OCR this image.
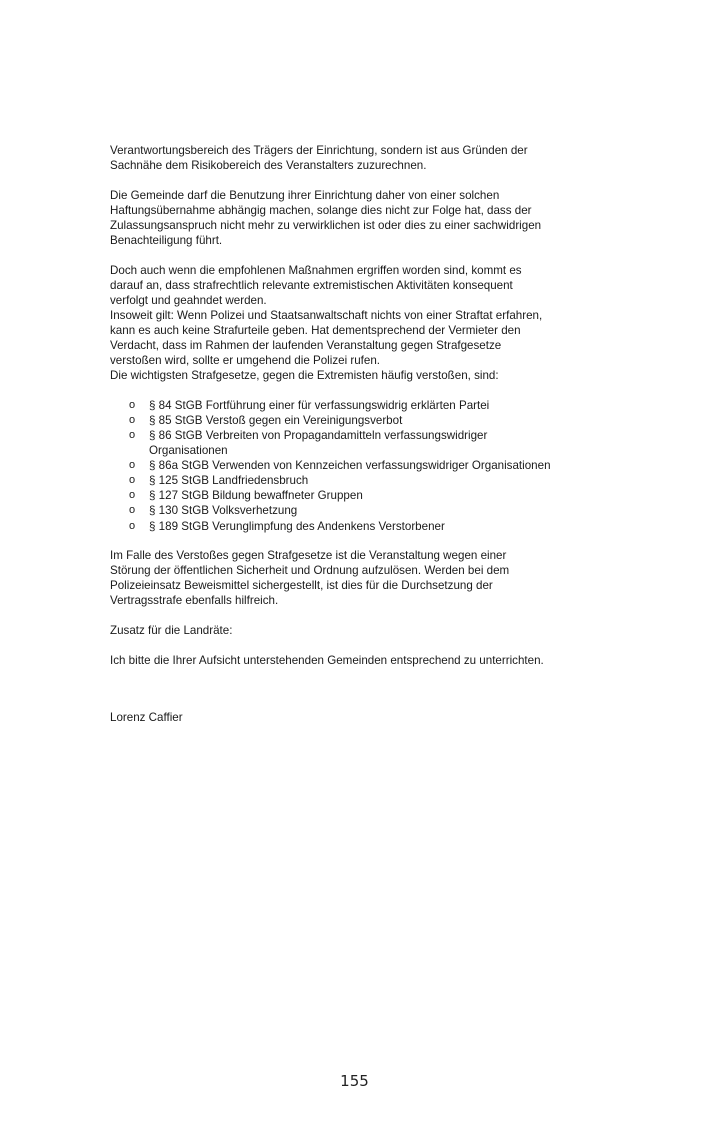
Verantwortungsbereich des Trägers der Einrichtung, sondern ist aus Gründen der
Sachnähe dem Risikobereich des Veranstalters zuzurechnen.

Die Gemeinde darf die Benutzung ihrer Einrichtung daher von einer solchen
Haftungsübernahme abhängig machen, solange dies nicht zur Folge hat, dass der
Zulassungsanspruch nicht mehr zu verwirklichen ist oder dies zu einer sachwidrigen
Benachteiligung führt.

Doch auch wenn die empfohlenen Maßnahmen ergriffen worden sind, kommt es
darauf an, dass strafrechtlich relevante extremistischen Aktivitäten konsequent
verfolgt und geahndet werden.
Insoweit gilt: Wenn Polizei und Staatsanwaltschaft nichts von einer Straftat erfahren,
kann es auch keine Strafurteile geben. Hat dementsprechend der Vermieter den
Verdacht, dass im Rahmen der laufenden Veranstaltung gegen Strafgesetze
verstoßen wird, sollte er umgehend die Polizei rufen.
Die wichtigsten Strafgesetze, gegen die Extremisten häufig verstoßen, sind:

o § 84 StGB Fortführung einer für verfassungswidrig erklärten Partei
o § 85 StGB Verstoß gegen ein Vereinigungsverbot
o § 86 StGB Verbreiten von Propagandamitteln verfassungswidriger
Organisationen
o § 86a StGB Verwenden von Kennzeichen verfassungswidriger Organisationen
o § 125 StGB Landfriedensbruch
o § 127 StGB Bildung bewaffneter Gruppen
o § 130 StGB Volksverhetzung
o § 189 StGB Verunglimpfung des Andenkens Verstorbener

Im Falle des Verstoßes gegen Strafgesetze ist die Veranstaltung wegen einer
Störung der öffentlichen Sicherheit und Ordnung aufzulösen. Werden bei dem
Polizeieinsatz Beweismittel sichergestellt, ist dies für die Durchsetzung der
Vertragsstrafe ebenfalls hilfreich.

Zusatz für die Landräte:

Ich bitte die Ihrer Aufsicht unterstehenden Gemeinden entsprechend zu unterrichten.

Lorenz Caffier
155
